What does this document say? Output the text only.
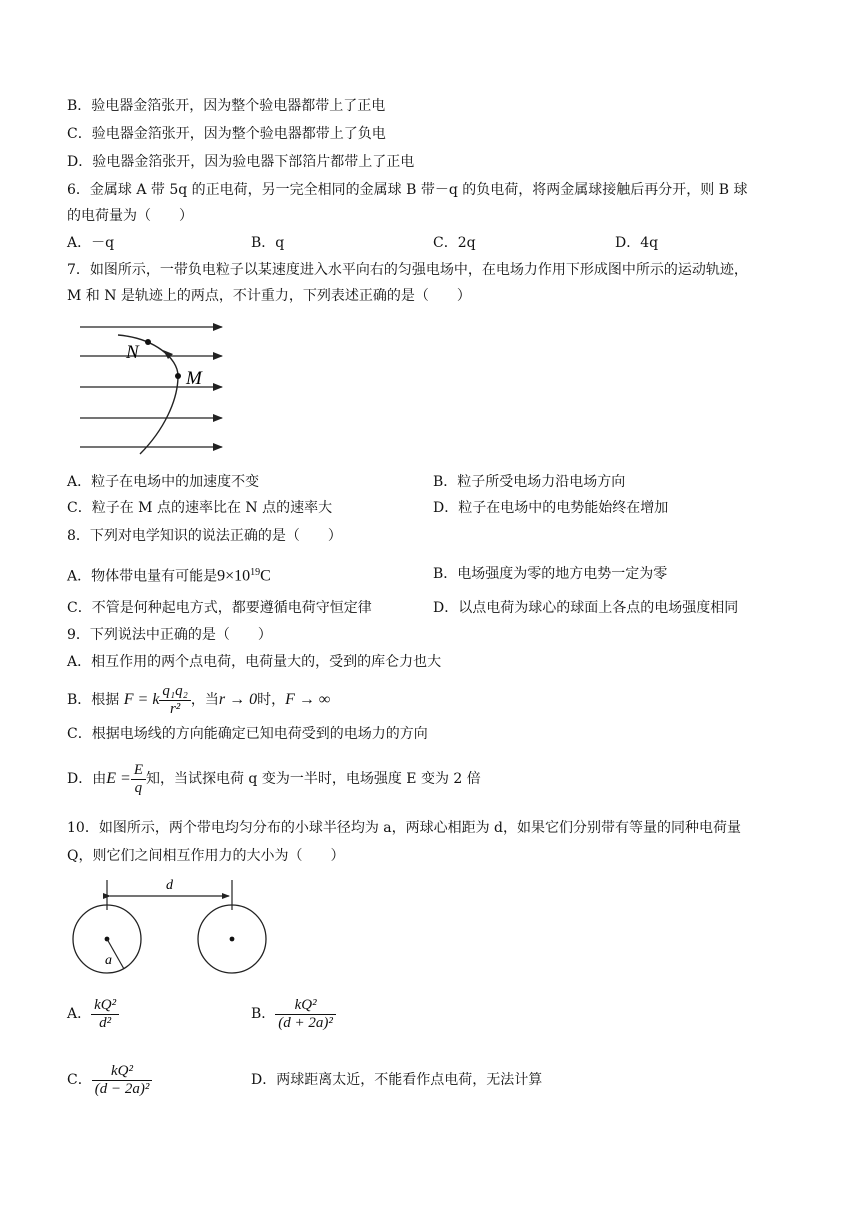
B．验电器金箔张开，因为整个验电器都带上了正电
C．验电器金箔张开，因为整个验电器都带上了负电
D．验电器金箔张开，因为验电器下部箔片都带上了正电
6．金属球 A 带 5q 的正电荷，另一完全相同的金属球 B 带－q 的负电荷，将两金属球接触后再分开，则 B 球
的电荷量为（　　）
A．－q	B．q	C．2q	D．4q
7．如图所示，一带负电粒子以某速度进入水平向右的匀强电场中，在电场力作用下形成图中所示的运动轨迹，
M 和 N 是轨迹上的两点，不计重力，下列表述正确的是（　　）
N
M
A．粒子在电场中的加速度不变	B．粒子所受电场力沿电场方向
C．粒子在 M 点的速率比在 N 点的速率大	D．粒子在电场中的电势能始终在增加
8．下列对电学知识的说法正确的是（　　）
A．物体带电量有可能是$9\times 10^{19}C$	B．电场强度为零的地方电势一定为零
C．不管是何种起电方式，都要遵循电荷守恒定律	D．以点电荷为球心的球面上各点的电场强度相同
9．下列说法中正确的是（　　）
A．相互作用的两个点电荷，电荷量大的，受到的库仑力也大
B．根据 F = k $\frac{\text{q₁q₂}}{\text{r²}}$ ，当r → 0时，F → ∞
C．根据电场线的方向能确定已知电荷受到的电场力的方向
D．由$E = \frac{E}{q}$ 知，当试探电荷 q 变为一半时，电场强度 E 变为 2 倍
10．如图所示，两个带电均匀分布的小球半径均为 a，两球心相距为 d，如果它们分别带有等量的同种电荷量
Q，则它们之间相互作用力的大小为（　　）
d
a
A． $\frac{\text{kQ²}}{\text{d²}}$	B． $\frac{\text{kQ²}}{\text{(d + 2a)²}}$
C． $\frac{\text{kQ²}}{\text{(d − 2a)²}}$	D．两球距离太近，不能看作点电荷，无法计算
